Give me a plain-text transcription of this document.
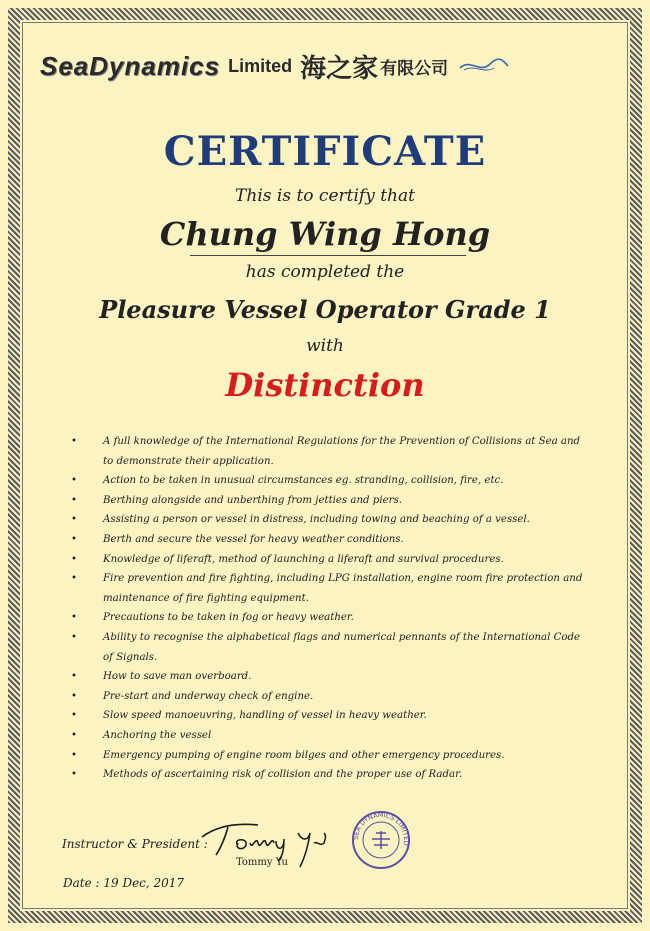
SeaDynamics Limited 海之家 有限公司
CERTIFICATE
This is to certify that
Chung Wing Hong
has completed the
Pleasure Vessel Operator Grade 1
with
Distinction
•	A full knowledge of the International Regulations for the Prevention of Collisions at Sea and to demonstrate their application.
•	Action to be taken in unusual circumstances eg. stranding, collision, fire, etc.
•	Berthing alongside and unberthing from jetties and piers.
•	Assisting a person or vessel in distress, including towing and beaching of a vessel.
•	Berth and secure the vessel for heavy weather conditions.
•	Knowledge of liferaft, method of launching a liferaft and survival procedures.
•	Fire prevention and fire fighting, including LPG installation, engine room fire protection and maintenance of fire fighting equipment.
•	Precautions to be taken in fog or heavy weather.
•	Ability to recognise the alphabetical flags and numerical pennants of the International Code of Signals.
•	How to save man overboard.
•	Pre-start and underway check of engine.
•	Slow speed manoeuvring, handling of vessel in heavy weather.
•	Anchoring the vessel
•	Emergency pumping of engine room bilges and other emergency procedures.
•	Methods of ascertaining risk of collision and the proper use of Radar.
Instructor & President :
Tommy Yu
SEA DYNAMICS LIMITED
Date : 19 Dec, 2017
